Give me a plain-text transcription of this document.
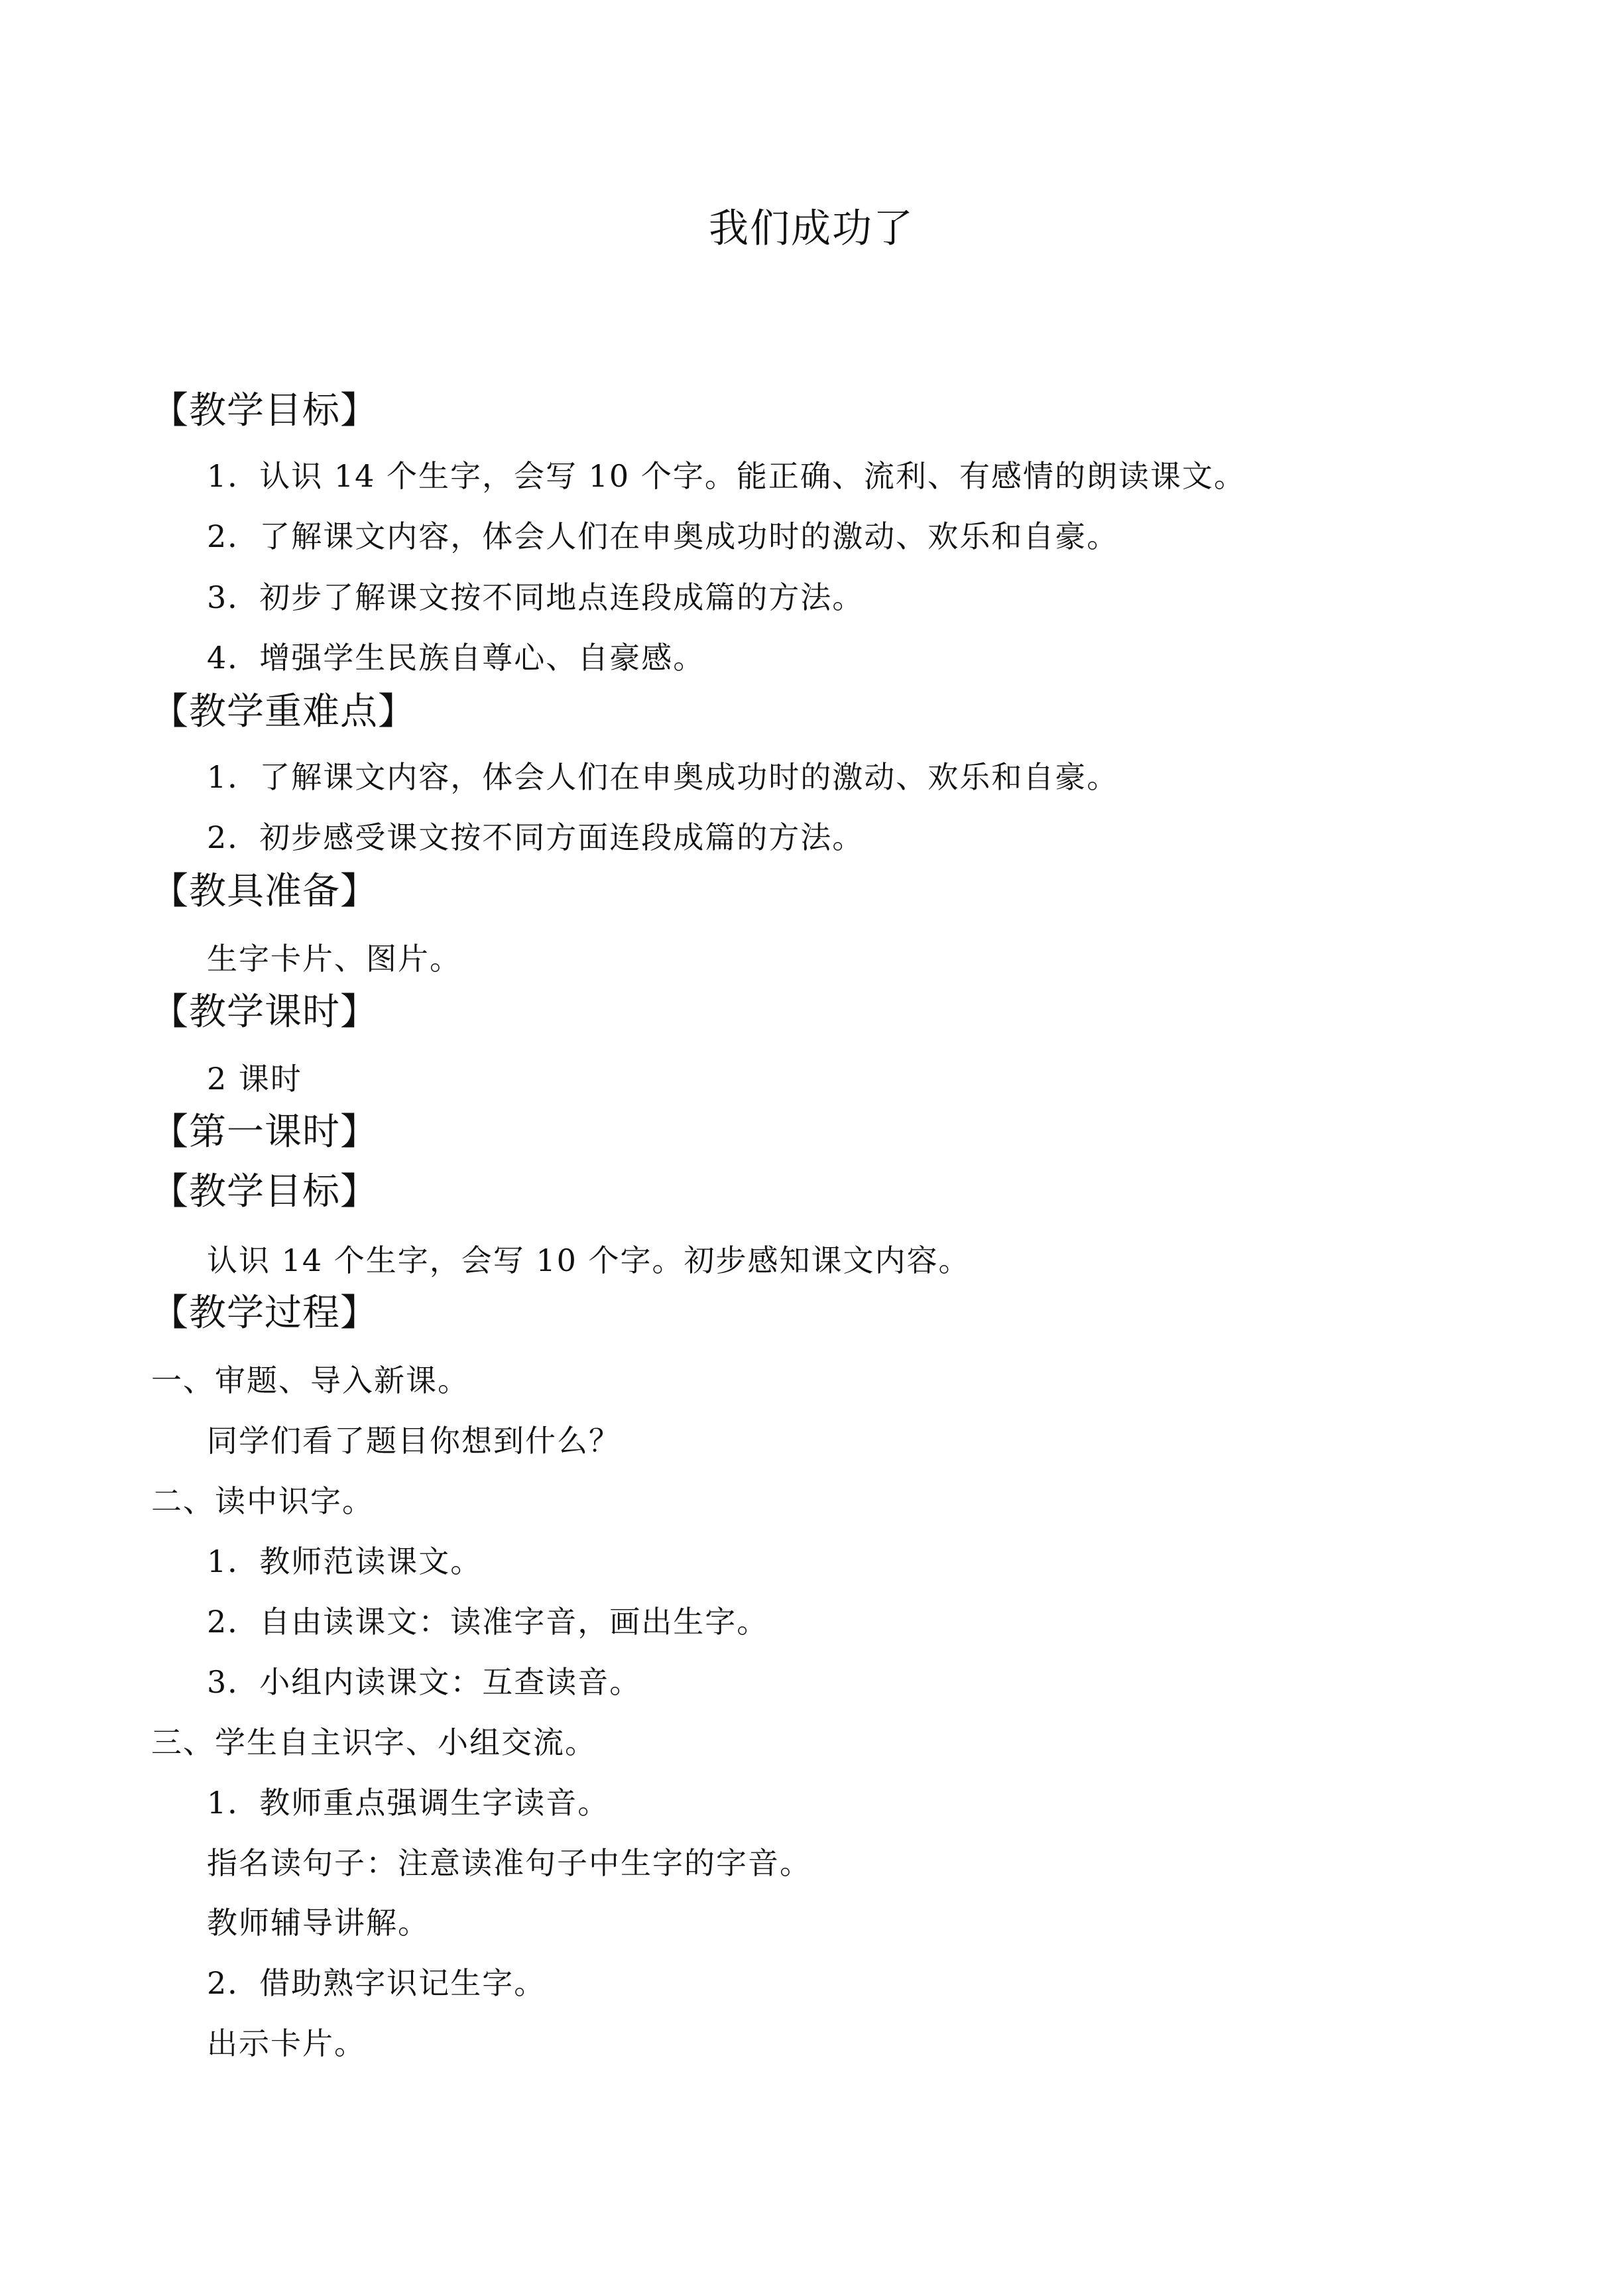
我们成功了
【教学目标】
1．认识 14 个生字，会写 10 个字。能正确、流利、有感情的朗读课文。
2．了解课文内容，体会人们在申奥成功时的激动、欢乐和自豪。
3．初步了解课文按不同地点连段成篇的方法。
4．增强学生民族自尊心、自豪感。
【教学重难点】
1．了解课文内容，体会人们在申奥成功时的激动、欢乐和自豪。
2．初步感受课文按不同方面连段成篇的方法。
【教具准备】
生字卡片、图片。
【教学课时】
2 课时
【第一课时】
【教学目标】
认识 14 个生字，会写 10 个字。初步感知课文内容。
【教学过程】
一、审题、导入新课。
同学们看了题目你想到什么？
二、读中识字。
1．教师范读课文。
2．自由读课文：读准字音，画出生字。
3．小组内读课文：互查读音。
三、学生自主识字、小组交流。
1．教师重点强调生字读音。
指名读句子：注意读准句子中生字的字音。
教师辅导讲解。
2．借助熟字识记生字。
出示卡片。
